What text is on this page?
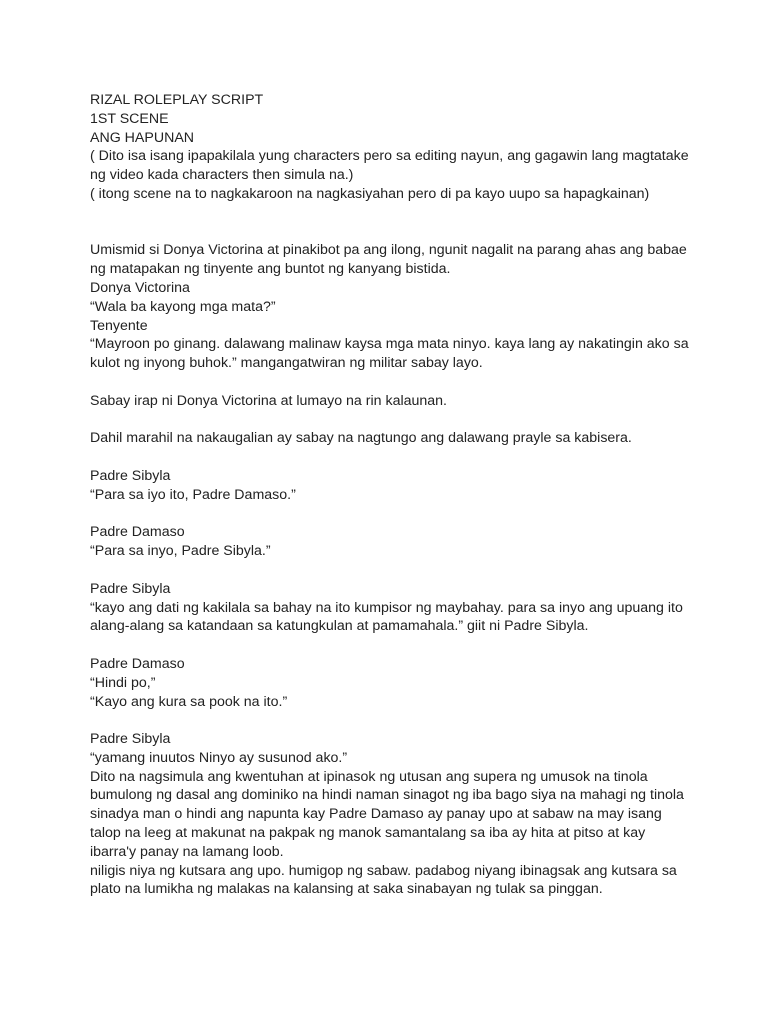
RIZAL ROLEPLAY SCRIPT
1ST SCENE
ANG HAPUNAN
( Dito isa isang ipapakilala yung characters pero sa editing nayun, ang gagawin lang magtatake
ng video kada characters then simula na.)
( itong scene na to nagkakaroon na nagkasiyahan pero di pa kayo uupo sa hapagkainan)
Umismid si Donya Victorina at pinakibot pa ang ilong, ngunit nagalit na parang ahas ang babae
ng matapakan ng tinyente ang buntot ng kanyang bistida.
Donya Victorina
“Wala ba kayong mga mata?”
Tenyente
“Mayroon po ginang. dalawang malinaw kaysa mga mata ninyo. kaya lang ay nakatingin ako sa
kulot ng inyong buhok.” mangangatwiran ng militar sabay layo.
Sabay irap ni Donya Victorina at lumayo na rin kalaunan.
Dahil marahil na nakaugalian ay sabay na nagtungo ang dalawang prayle sa kabisera.
Padre Sibyla
“Para sa iyo ito, Padre Damaso.”
Padre Damaso
“Para sa inyo, Padre Sibyla.”
Padre Sibyla
“kayo ang dati ng kakilala sa bahay na ito kumpisor ng maybahay. para sa inyo ang upuang ito
alang-alang sa katandaan sa katungkulan at pamamahala.” giit ni Padre Sibyla.
Padre Damaso
“Hindi po,”
“Kayo ang kura sa pook na ito.”
Padre Sibyla
“yamang inuutos Ninyo ay susunod ako.”
Dito na nagsimula ang kwentuhan at ipinasok ng utusan ang supera ng umusok na tinola
bumulong ng dasal ang dominiko na hindi naman sinagot ng iba bago siya na mahagi ng tinola
sinadya man o hindi ang napunta kay Padre Damaso ay panay upo at sabaw na may isang
talop na leeg at makunat na pakpak ng manok samantalang sa iba ay hita at pitso at kay
ibarra'y panay na lamang loob.
niligis niya ng kutsara ang upo. humigop ng sabaw. padabog niyang ibinagsak ang kutsara sa
plato na lumikha ng malakas na kalansing at saka sinabayan ng tulak sa pinggan.
